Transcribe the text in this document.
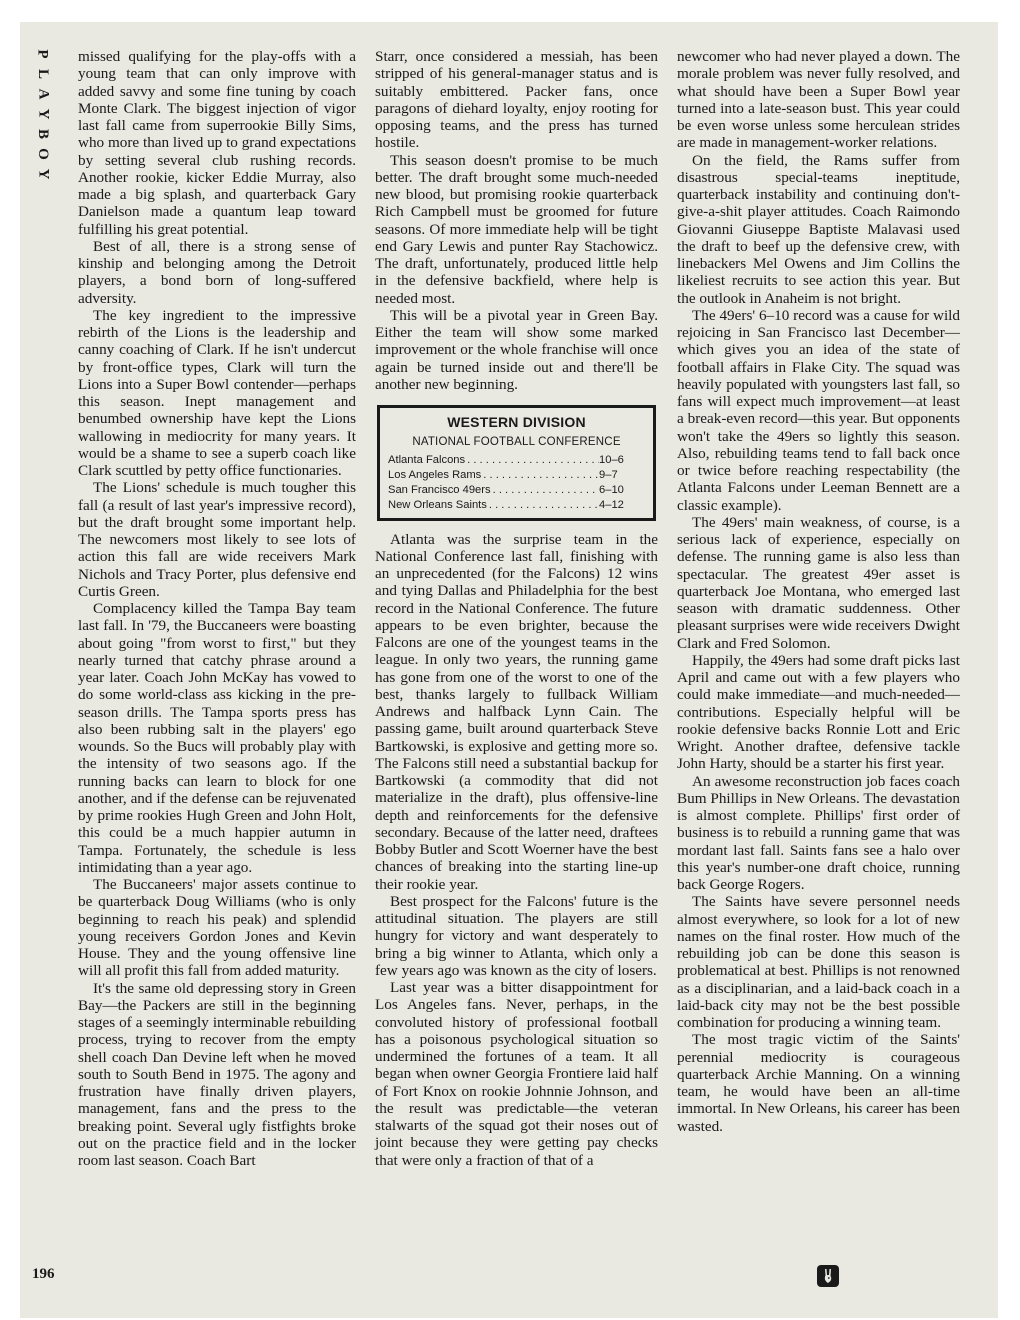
P
L
A
Y
B
O
Y

missed qualifying for the play-offs with a young team that can only improve with added savvy and some fine tuning by coach Monte Clark. The biggest injection of vigor last fall came from superrookie Billy Sims, who more than lived up to grand expectations by setting several club rushing records. Another rookie, kicker Eddie Murray, also made a big splash, and quarterback Gary Danielson made a quantum leap toward fulfilling his great potential.

Best of all, there is a strong sense of kinship and belonging among the Detroit players, a bond born of long-suffered adversity.

The key ingredient to the impressive rebirth of the Lions is the leadership and canny coaching of Clark. If he isn't undercut by front-office types, Clark will turn the Lions into a Super Bowl contender—perhaps this season. Inept management and benumbed ownership have kept the Lions wallowing in mediocrity for many years. It would be a shame to see a superb coach like Clark scuttled by petty office functionaries.

The Lions' schedule is much tougher this fall (a result of last year's impressive record), but the draft brought some important help. The newcomers most likely to see lots of action this fall are wide receivers Mark Nichols and Tracy Porter, plus defensive end Curtis Green.

Complacency killed the Tampa Bay team last fall. In '79, the Buccaneers were boasting about going "from worst to first," but they nearly turned that catchy phrase around a year later. Coach John McKay has vowed to do some world-class ass kicking in the pre-season drills. The Tampa sports press has also been rubbing salt in the players' ego wounds. So the Bucs will probably play with the intensity of two seasons ago. If the running backs can learn to block for one another, and if the defense can be rejuvenated by prime rookies Hugh Green and John Holt, this could be a much happier autumn in Tampa. Fortunately, the schedule is less intimidating than a year ago.

The Buccaneers' major assets continue to be quarterback Doug Williams (who is only beginning to reach his peak) and splendid young receivers Gordon Jones and Kevin House. They and the young offensive line will all profit this fall from added maturity.

It's the same old depressing story in Green Bay—the Packers are still in the beginning stages of a seemingly interminable rebuilding process, trying to recover from the empty shell coach Dan Devine left when he moved south to South Bend in 1975. The agony and frustration have finally driven players, management, fans and the press to the breaking point. Several ugly fistfights broke out on the practice field and in the locker room last season. Coach Bart

Starr, once considered a messiah, has been stripped of his general-manager status and is suitably embittered. Packer fans, once paragons of diehard loyalty, enjoy rooting for opposing teams, and the press has turned hostile.

This season doesn't promise to be much better. The draft brought some much-needed new blood, but promising rookie quarterback Rich Campbell must be groomed for future seasons. Of more immediate help will be tight end Gary Lewis and punter Ray Stachowicz. The draft, unfortunately, produced little help in the defensive backfield, where help is needed most.

This will be a pivotal year in Green Bay. Either the team will show some marked improvement or the whole franchise will once again be turned inside out and there'll be another new beginning.

WESTERN DIVISION
NATIONAL FOOTBALL CONFERENCE
Atlanta Falcons . . .	10–6
Los Angeles Rams . . .	9–7
San Francisco 49ers . . .	6–10
New Orleans Saints . . .	4–12

Atlanta was the surprise team in the National Conference last fall, finishing with an unprecedented (for the Falcons) 12 wins and tying Dallas and Philadelphia for the best record in the National Conference. The future appears to be even brighter, because the Falcons are one of the youngest teams in the league. In only two years, the running game has gone from one of the worst to one of the best, thanks largely to fullback William Andrews and halfback Lynn Cain. The passing game, built around quarterback Steve Bartkowski, is explosive and getting more so. The Falcons still need a substantial backup for Bartkowski (a commodity that did not materialize in the draft), plus offensive-line depth and reinforcements for the defensive secondary. Because of the latter need, draftees Bobby Butler and Scott Woerner have the best chances of breaking into the starting line-up their rookie year.

Best prospect for the Falcons' future is the attitudinal situation. The players are still hungry for victory and want desperately to bring a big winner to Atlanta, which only a few years ago was known as the city of losers.

Last year was a bitter disappointment for Los Angeles fans. Never, perhaps, in the convoluted history of professional football has a poisonous psychological situation so undermined the fortunes of a team. It all began when owner Georgia Frontiere laid half of Fort Knox on rookie Johnnie Johnson, and the result was predictable—the veteran stalwarts of the squad got their noses out of joint because they were getting pay checks that were only a fraction of that of a

newcomer who had never played a down. The morale problem was never fully resolved, and what should have been a Super Bowl year turned into a late-season bust. This year could be even worse unless some herculean strides are made in management-worker relations.

On the field, the Rams suffer from disastrous special-teams ineptitude, quarterback instability and continuing don't-give-a-shit player attitudes. Coach Raimondo Giovanni Giuseppe Baptiste Malavasi used the draft to beef up the defensive crew, with linebackers Mel Owens and Jim Collins the likeliest recruits to see action this year. But the outlook in Anaheim is not bright.

The 49ers' 6–10 record was a cause for wild rejoicing in San Francisco last December—which gives you an idea of the state of football affairs in Flake City. The squad was heavily populated with youngsters last fall, so fans will expect much improvement—at least a break-even record—this year. But opponents won't take the 49ers so lightly this season. Also, rebuilding teams tend to fall back once or twice before reaching respectability (the Atlanta Falcons under Leeman Bennett are a classic example).

The 49ers' main weakness, of course, is a serious lack of experience, especially on defense. The running game is also less than spectacular. The greatest 49er asset is quarterback Joe Montana, who emerged last season with dramatic suddenness. Other pleasant surprises were wide receivers Dwight Clark and Fred Solomon.

Happily, the 49ers had some draft picks last April and came out with a few players who could make immediate—and much-needed—contributions. Especially helpful will be rookie defensive backs Ronnie Lott and Eric Wright. Another draftee, defensive tackle John Harty, should be a starter his first year.

An awesome reconstruction job faces coach Bum Phillips in New Orleans. The devastation is almost complete. Phillips' first order of business is to rebuild a running game that was mordant last fall. Saints fans see a halo over this year's number-one draft choice, running back George Rogers.

The Saints have severe personnel needs almost everywhere, so look for a lot of new names on the final roster. How much of the rebuilding job can be done this season is problematical at best. Phillips is not renowned as a disciplinarian, and a laid-back coach in a laid-back city may not be the best possible combination for producing a winning team.

The most tragic victim of the Saints' perennial mediocrity is courageous quarterback Archie Manning. On a winning team, he would have been an all-time immortal. In New Orleans, his career has been wasted.

196
